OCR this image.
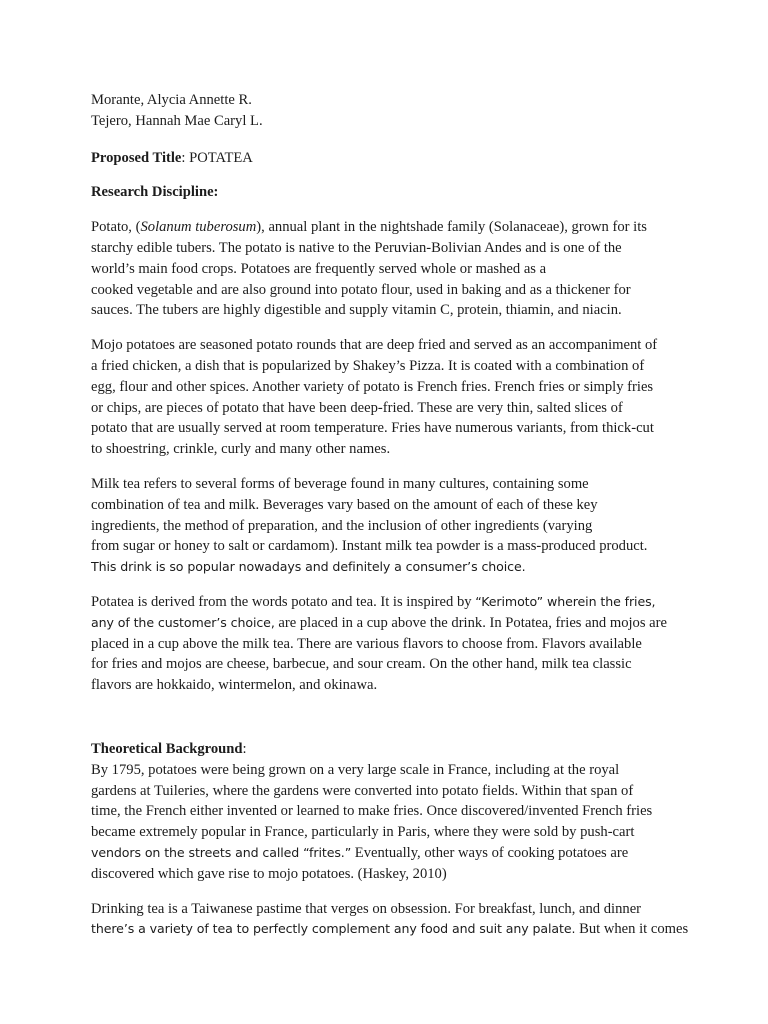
Morante, Alycia Annette R.

Tejero, Hannah Mae Caryl L.

Proposed Title: POTATEA

Research Discipline:

Potato, (Solanum tuberosum), annual plant in the nightshade family (Solanaceae), grown for its
starchy edible tubers. The potato is native to the Peruvian-Bolivian Andes and is one of the
world’s main food crops. Potatoes are frequently served whole or mashed as a
cooked vegetable and are also ground into potato flour, used in baking and as a thickener for
sauces. The tubers are highly digestible and supply vitamin C, protein, thiamin, and niacin.
Mojo potatoes are seasoned potato rounds that are deep fried and served as an accompaniment of
a fried chicken, a dish that is popularized by Shakey’s Pizza. It is coated with a combination of
egg, flour and other spices. Another variety of potato is French fries. French fries or simply fries
or chips, are pieces of potato that have been deep-fried. These are very thin, salted slices of
potato that are usually served at room temperature. Fries have numerous variants, from thick-cut
to shoestring, crinkle, curly and many other names.
Milk tea refers to several forms of beverage found in many cultures, containing some
combination of tea and milk. Beverages vary based on the amount of each of these key
ingredients, the method of preparation, and the inclusion of other ingredients (varying
from sugar or honey to salt or cardamom). Instant milk tea powder is a mass-produced product.
This drink is so popular nowadays and definitely a consumer’s choice.
Potatea is derived from the words potato and tea. It is inspired by “Kerimoto” wherein the fries,
any of the customer’s choice, are placed in a cup above the drink. In Potatea, fries and mojos are
placed in a cup above the milk tea. There are various flavors to choose from. Flavors available
for fries and mojos are cheese, barbecue, and sour cream. On the other hand, milk tea classic
flavors are hokkaido, wintermelon, and okinawa.

Theoretical Background:

By 1795, potatoes were being grown on a very large scale in France, including at the royal
gardens at Tuileries, where the gardens were converted into potato fields. Within that span of
time, the French either invented or learned to make fries. Once discovered/invented French fries
became extremely popular in France, particularly in Paris, where they were sold by push-cart
vendors on the streets and called “frites.” Eventually, other ways of cooking potatoes are
discovered which gave rise to mojo potatoes. (Haskey, 2010)
Drinking tea is a Taiwanese pastime that verges on obsession. For breakfast, lunch, and dinner
there’s a variety of tea to perfectly complement any food and suit any palate. But when it comes
